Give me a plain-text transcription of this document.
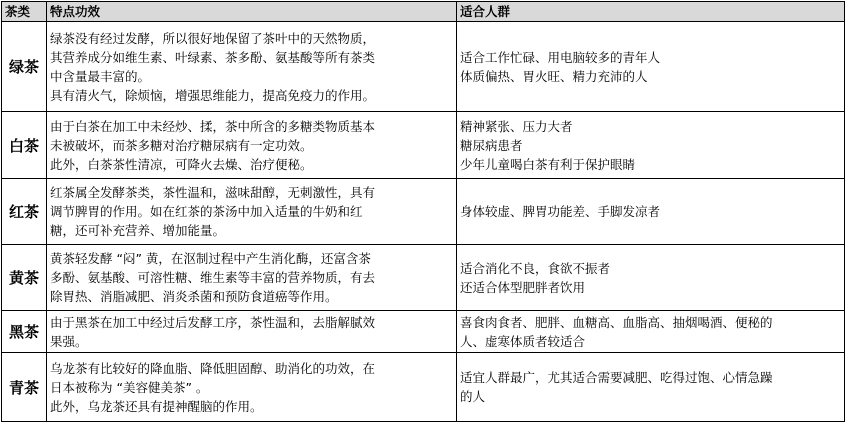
茶类	特点功效	适合人群
绿茶	绿茶没有经过发酵，所以很好地保留了茶叶中的天然物质，
其营养成分如维生素、叶绿素、茶多酚、氨基酸等所有茶类
中含量最丰富的。
具有清火气，除烦恼，增强思维能力，提高免疫力的作用。	适合工作忙碌、用电脑较多的青年人
体质偏热、胃火旺、精力充沛的人

白茶	由于白茶在加工中未经炒、揉，茶中所含的多糖类物质基本
未被破坏，而茶多糖对治疗糖尿病有一定功效。
此外，白茶茶性清凉，可降火去燥、治疗便秘。	精神紧张、压力大者
糖尿病患者
少年儿童喝白茶有利于保护眼睛

红茶	红茶属全发酵茶类，茶性温和，滋味甜醇，无刺激性，具有
调节脾胃的作用。如在红茶的茶汤中加入适量的牛奶和红
糖，还可补充营养、增加能量。	身体较虚、脾胃功能差、手脚发凉者

黄茶	黄茶轻发酵 “闷” 黄，在沤制过程中产生消化酶，还富含茶
多酚、氨基酸、可溶性糖、维生素等丰富的营养物质，有去
除胃热、消脂减肥、消炎杀菌和预防食道癌等作用。	适合消化不良，食欲不振者
还适合体型肥胖者饮用

黑茶	由于黑茶在加工中经过后发酵工序，茶性温和，去脂解腻效
果强。	喜食肉食者、肥胖、血糖高、血脂高、抽烟喝酒、便秘的
人、虚寒体质者较适合

青茶	乌龙茶有比较好的降血脂、降低胆固醇、助消化的功效，在
日本被称为 “美容健美茶” 。
此外，乌龙茶还具有提神醒脑的作用。	适宜人群最广，尤其适合需要减肥、吃得过饱、心情急躁
的人
